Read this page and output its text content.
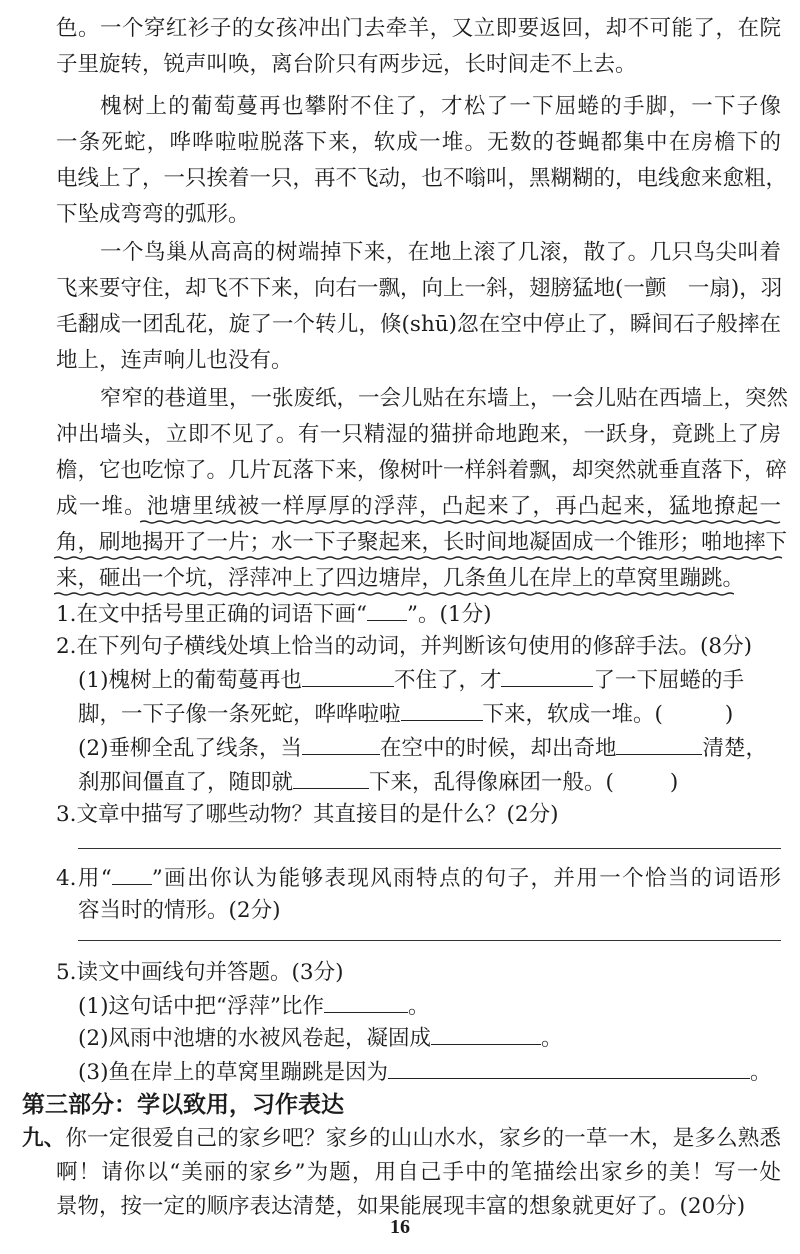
色。一个穿红衫子的女孩冲出门去牵羊，又立即要返回，却不可能了，在院
子里旋转，锐声叫唤，离台阶只有两步远，长时间走不上去。
槐树上的葡萄蔓再也攀附不住了，才松了一下屈蜷的手脚，一下子像
一条死蛇，哗哗啦啦脱落下来，软成一堆。无数的苍蝇都集中在房檐下的
电线上了，一只挨着一只，再不飞动，也不嗡叫，黑糊糊的，电线愈来愈粗，
下坠成弯弯的弧形。
一个鸟巢从高高的树端掉下来，在地上滚了几滚，散了。几只鸟尖叫着
飞来要守住，却飞不下来，向右一飘，向上一斜，翅膀猛地(一颤　一扇)，羽
毛翻成一团乱花，旋了一个转儿，倏(shū)忽在空中停止了，瞬间石子般摔在
地上，连声响儿也没有。
窄窄的巷道里，一张废纸，一会儿贴在东墙上，一会儿贴在西墙上，突然
冲出墙头，立即不见了。有一只精湿的猫拼命地跑来，一跃身，竟跳上了房
檐，它也吃惊了。几片瓦落下来，像树叶一样斜着飘，却突然就垂直落下，碎
成一堆。池塘里绒被一样厚厚的浮萍，凸起来了，再凸起来，猛地撩起一
角，刷地揭开了一片；水一下子聚起来，长时间地凝固成一个锥形；啪地摔下
来，砸出一个坑，浮萍冲上了四边塘岸，几条鱼儿在岸上的草窝里蹦跳。
1.在文中括号里正确的词语下画“ ”。(1分)
2.在下列句子横线处填上恰当的动词，并判断该句使用的修辞手法。(8分)
(1)槐树上的葡萄蔓再也	不住了，才	了一下屈蜷的手
脚，一下子像一条死蛇，哗哗啦啦	下来，软成一堆。(	)
(2)垂柳全乱了线条，当	在空中的时候，却出奇地	清楚，
刹那间僵直了，随即就	下来，乱得像麻团一般。(	)
3.文章中描写了哪些动物？其直接目的是什么？(2分)
4.用“ ”画出你认为能够表现风雨特点的句子，并用一个恰当的词语形
容当时的情形。(2分)
5.读文中画线句并答题。(3分)
(1)这句话中把“浮萍”比作	。
(2)风雨中池塘的水被风卷起，凝固成	。
(3)鱼在岸上的草窝里蹦跳是因为	。
第三部分：学以致用，习作表达
九、你一定很爱自己的家乡吧？家乡的山山水水，家乡的一草一木，是多么熟悉
16
啊！请你以“美丽的家乡”为题，用自己手中的笔描绘出家乡的美！写一处
景物，按一定的顺序表达清楚，如果能展现丰富的想象就更好了。(20分)
